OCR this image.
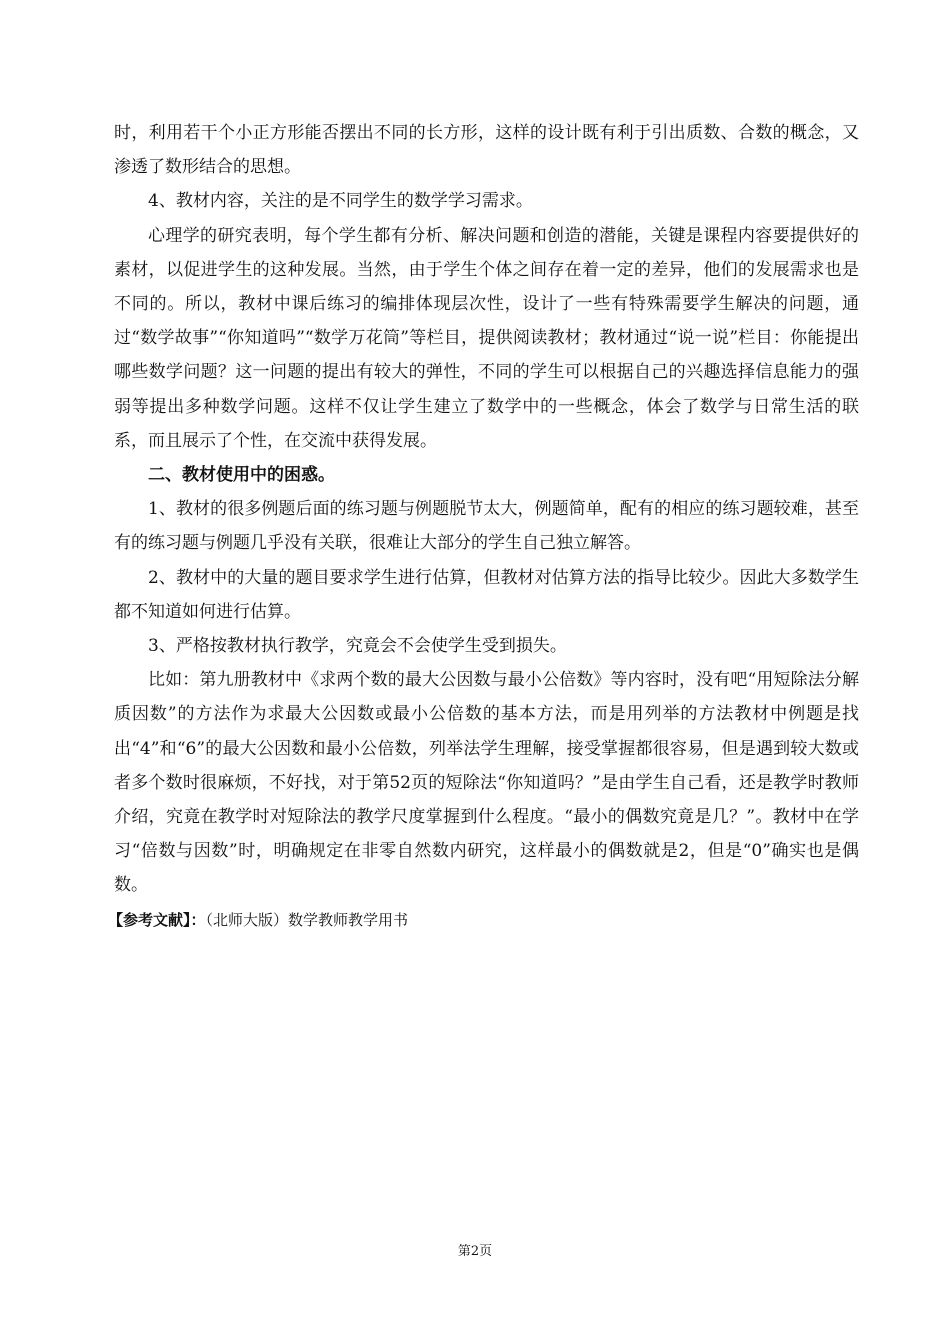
时，利用若干个小正方形能否摆出不同的长方形，这样的设计既有利于引出质数、合数的概念，又渗透了数形结合的思想。

4、教材内容，关注的是不同学生的数学学习需求。

心理学的研究表明，每个学生都有分析、解决问题和创造的潜能，关键是课程内容要提供好的素材，以促进学生的这种发展。当然，由于学生个体之间存在着一定的差异，他们的发展需求也是不同的。所以，教材中课后练习的编排体现层次性，设计了一些有特殊需要学生解决的问题，通过“数学故事”“你知道吗”“数学万花筒”等栏目，提供阅读教材；教材通过“说一说”栏目：你能提出哪些数学问题？这一问题的提出有较大的弹性，不同的学生可以根据自己的兴趣选择信息能力的强弱等提出多种数学问题。这样不仅让学生建立了数学中的一些概念，体会了数学与日常生活的联系，而且展示了个性，在交流中获得发展。

二、教材使用中的困惑。

1、教材的很多例题后面的练习题与例题脱节太大，例题简单，配有的相应的练习题较难，甚至有的练习题与例题几乎没有关联，很难让大部分的学生自己独立解答。

2、教材中的大量的题目要求学生进行估算，但教材对估算方法的指导比较少。因此大多数学生都不知道如何进行估算。

3、严格按教材执行教学，究竟会不会使学生受到损失。

比如：第九册教材中《求两个数的最大公因数与最小公倍数》等内容时，没有吧“用短除法分解质因数”的方法作为求最大公因数或最小公倍数的基本方法，而是用列举的方法教材中例题是找出“4”和“6”的最大公因数和最小公倍数，列举法学生理解，接受掌握都很容易，但是遇到较大数或者多个数时很麻烦，不好找，对于第52页的短除法“你知道吗？”是由学生自己看，还是教学时教师介绍，究竟在教学时对短除法的教学尺度掌握到什么程度。“最小的偶数究竟是几？”。教材中在学习“倍数与因数”时，明确规定在非零自然数内研究，这样最小的偶数就是2，但是“0”确实也是偶数。

【参考文献】：（北师大版）数学教师教学用书

第2页
